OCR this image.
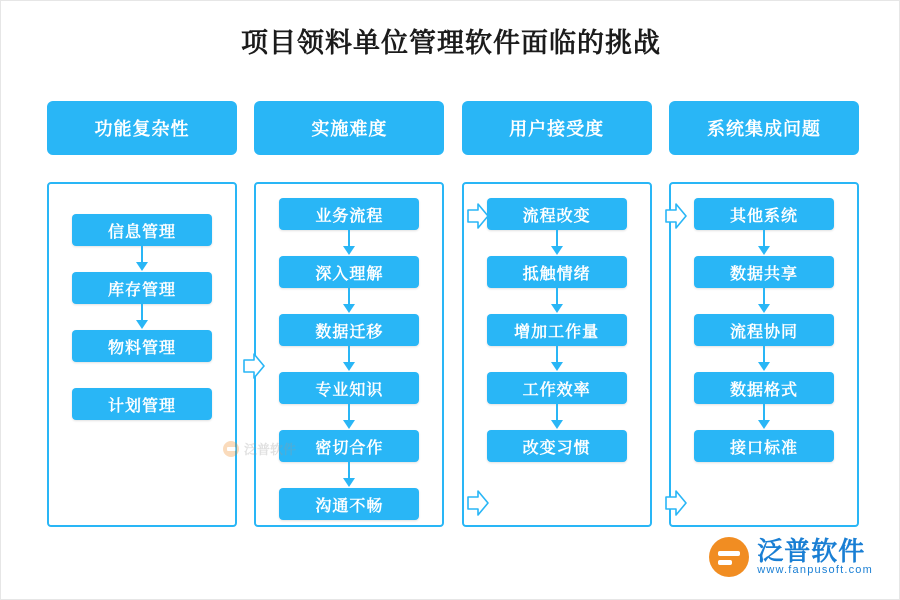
项目领料单位管理软件面临的挑战
功能复杂性
信息管理
库存管理
物料管理
计划管理
实施难度
业务流程
深入理解
数据迁移
专业知识
密切合作
沟通不畅
用户接受度
流程改变
抵触情绪
增加工作量
工作效率
改变习惯
系统集成问题
其他系统
数据共享
流程协同
数据格式
接口标准
泛普软件
泛普软件
www.fanpusoft.com
